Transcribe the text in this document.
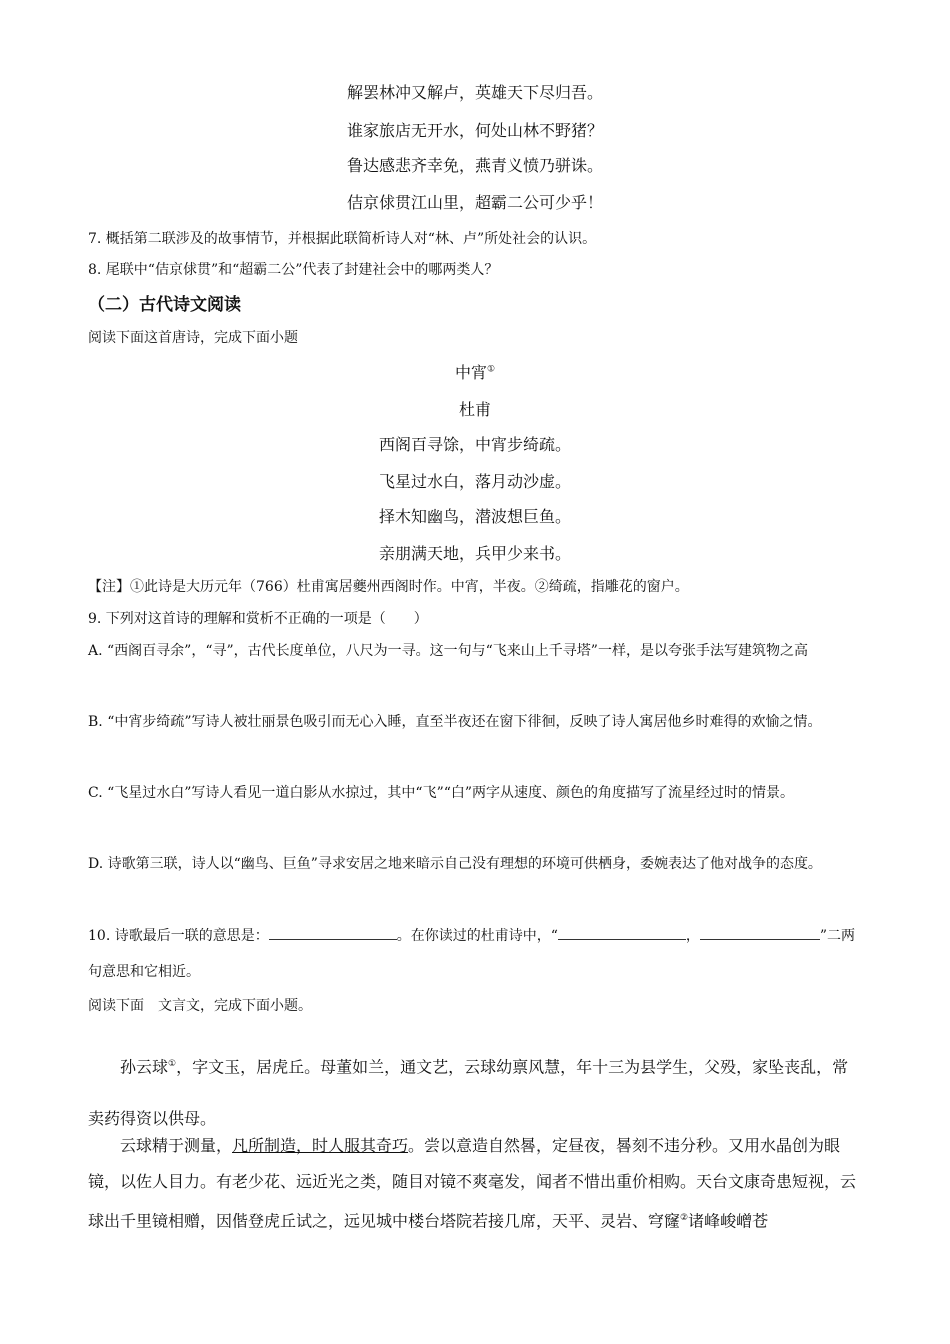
解罢林冲又解卢，英雄天下尽归吾。
谁家旅店无开水，何处山林不野猪？
鲁达感悲齐幸免，燕青义愤乃骈诛。
佶京俅贯江山里，超霸二公可少乎！
7. 概括第二联涉及的故事情节，并根据此联简析诗人对“林、卢”所处社会的认识。
8. 尾联中“佶京俅贯”和“超霸二公”代表了封建社会中的哪两类人？
（二）古代诗文阅读
阅读下面这首唐诗，完成下面小题
中宵①
杜甫
西阁百寻馀，中宵步绮疏。
飞星过水白，落月动沙虚。
择木知幽鸟，潜波想巨鱼。
亲朋满天地，兵甲少来书。
【注】①此诗是大历元年（766）杜甫寓居夔州西阁时作。中宵，半夜。②绮疏，指雕花的窗户。
9. 下列对这首诗的理解和赏析不正确的一项是（　　）
A. “西阁百寻余”，“寻”，古代长度单位，八尺为一寻。这一句与“飞来山上千寻塔”一样，是以夸张手法写建筑物之高
B. “中宵步绮疏”写诗人被壮丽景色吸引而无心入睡，直至半夜还在窗下徘徊，反映了诗人寓居他乡时难得的欢愉之情。
C. “飞星过水白”写诗人看见一道白影从水掠过，其中“飞”“白”两字从速度、颜色的角度描写了流星经过时的情景。
D. 诗歌第三联，诗人以“幽鸟、巨鱼”寻求安居之地来暗示自己没有理想的环境可供栖身，委婉表达了他对战争的态度。
10. 诗歌最后一联的意思是：	。在你读过的杜甫诗中，“	，	”二两句意思和它相近。
阅读下面　文言文，完成下面小题。

孙云球①，字文玉，居虎丘。母董如兰，通文艺，云球幼禀风慧，年十三为县学生，父殁，家坠丧乱，常卖药得资以供母。

云球精于测量，凡所制造，时人服其奇巧。尝以意造自然晷，定昼夜，晷刻不违分秒。又用水晶创为眼镜，以佐人目力。有老少花、远近光之类，随目对镜不爽毫发，闻者不惜出重价相购。天台文康奇患短视，云球出千里镜相赠，因偕登虎丘试之，远见城中楼台塔院若接几席，天平、灵岩、穹窿②诸峰峻嶒苍
